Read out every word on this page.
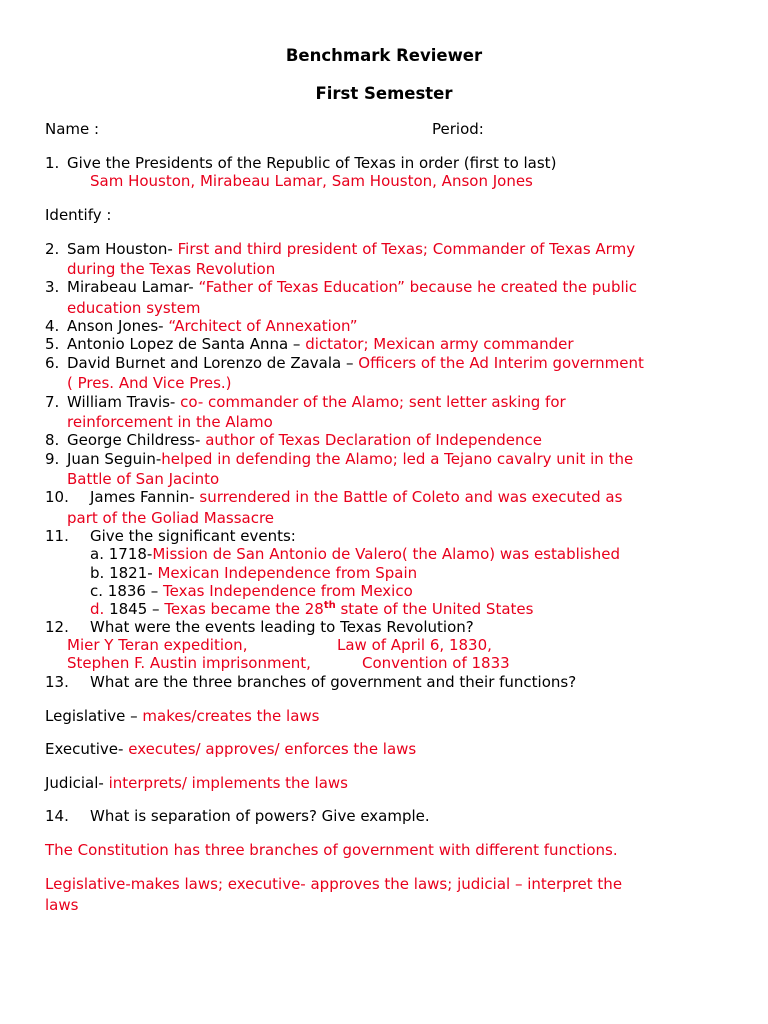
Benchmark Reviewer
First Semester
Name :	Period:
1. Give the Presidents of the Republic of Texas in order (first to last)
Sam Houston, Mirabeau Lamar, Sam Houston, Anson Jones
Identify :
2. Sam Houston- First and third president of Texas; Commander of Texas Army
during the Texas Revolution
3. Mirabeau Lamar- “Father of Texas Education” because he created the public
education system
4. Anson Jones- “Architect of Annexation”
5. Antonio Lopez de Santa Anna – dictator; Mexican army commander
6. David Burnet and Lorenzo de Zavala – Officers of the Ad Interim government
( Pres. And Vice Pres.)
7. William Travis- co- commander of the Alamo; sent letter asking for
reinforcement in the Alamo
8. George Childress- author of Texas Declaration of Independence
9. Juan Seguin-helped in defending the Alamo; led a Tejano cavalry unit in the
Battle of San Jacinto
10. James Fannin- surrendered in the Battle of Coleto and was executed as
part of the Goliad Massacre
11. Give the significant events:
a. 1718-Mission de San Antonio de Valero( the Alamo) was established
b. 1821- Mexican Independence from Spain
c. 1836 – Texas Independence from Mexico
d. 1845 – Texas became the 28th state of the United States
12. What were the events leading to Texas Revolution?
Mier Y Teran expedition,	Law of April 6, 1830,
Stephen F. Austin imprisonment,	Convention of 1833
13. What are the three branches of government and their functions?
Legislative – makes/creates the laws
Executive- executes/ approves/ enforces the laws
Judicial- interprets/ implements the laws
14. What is separation of powers? Give example.
The Constitution has three branches of government with different functions.
Legislative-makes laws; executive- approves the laws; judicial – interpret the
laws
